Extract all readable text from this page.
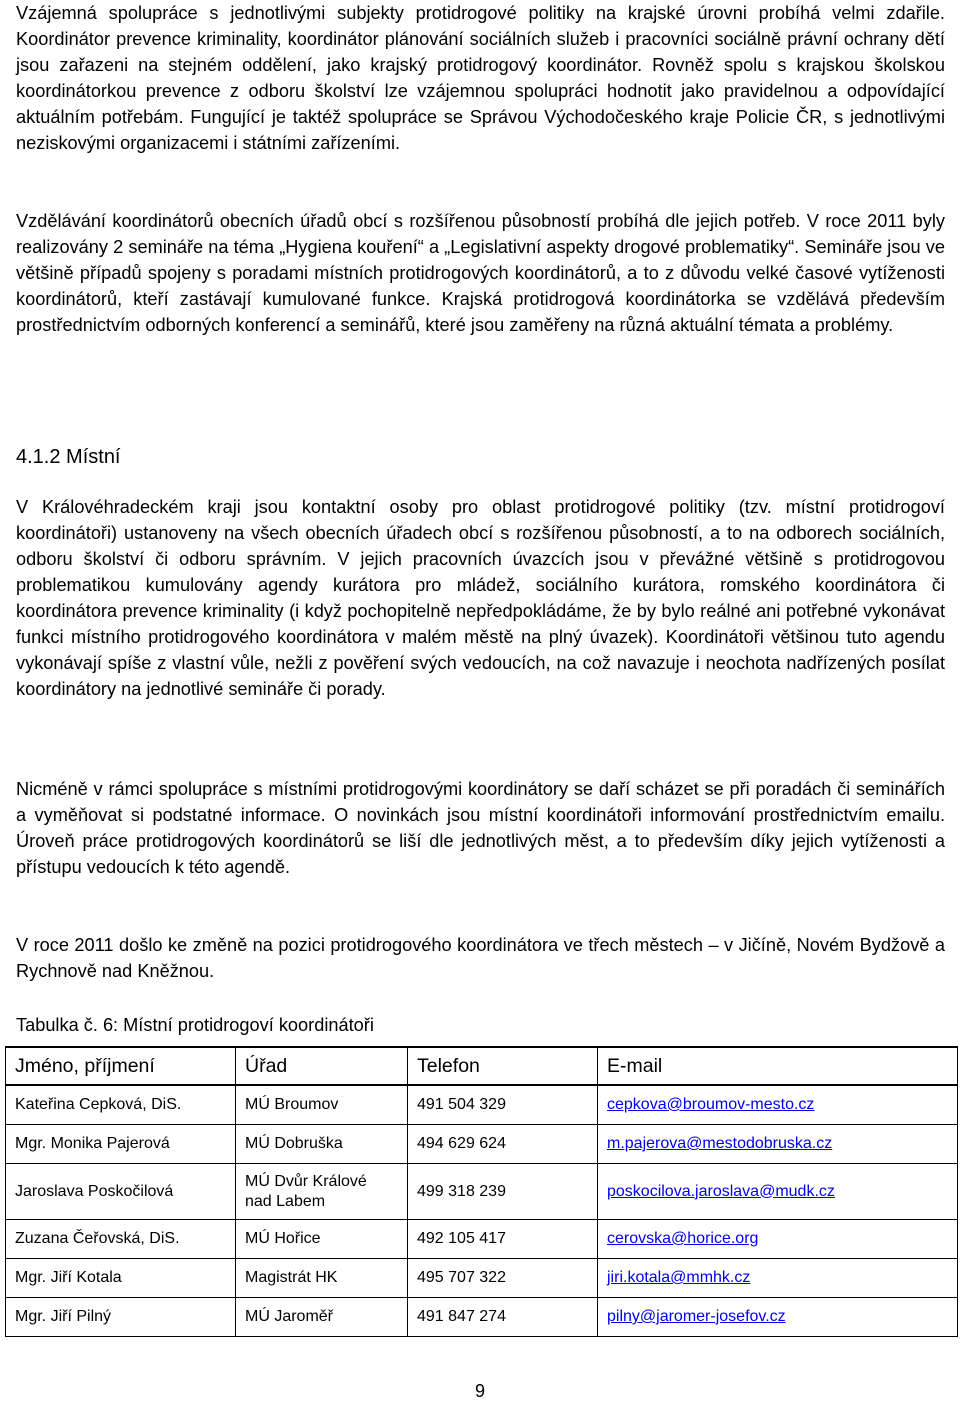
Vzájemná spolupráce s jednotlivými subjekty protidrogové politiky na krajské úrovni probíhá velmi zdařile. Koordinátor prevence kriminality, koordinátor plánování sociálních služeb i pracovníci sociálně právní ochrany dětí jsou zařazeni na stejném oddělení, jako krajský protidrogový koordinátor. Rovněž spolu s krajskou školskou koordinátorkou prevence z odboru školství lze vzájemnou spolupráci hodnotit jako pravidelnou a odpovídající aktuálním potřebám. Fungující je taktéž spolupráce se Správou Východočeského kraje Policie ČR, s jednotlivými neziskovými organizacemi i státními zařízeními.

Vzdělávání koordinátorů obecních úřadů obcí s rozšířenou působností probíhá dle jejich potřeb. V roce 2011 byly realizovány 2 semináře na téma „Hygiena kouření“ a „Legislativní aspekty drogové problematiky“. Semináře jsou ve většině případů spojeny s poradami místních protidrogových koordinátorů, a to z důvodu velké časové vytíženosti koordinátorů, kteří zastávají kumulované funkce. Krajská protidrogová koordinátorka se vzdělává především prostřednictvím odborných konferencí a seminářů, které jsou zaměřeny na různá aktuální témata a problémy.

4.1.2 Místní

V Královéhradeckém kraji jsou kontaktní osoby pro oblast protidrogové politiky (tzv. místní protidrogoví koordinátoři) ustanoveny na všech obecních úřadech obcí s rozšířenou působností, a to na odborech sociálních, odboru školství či odboru správním. V jejich pracovních úvazcích jsou v převážné většině s protidrogovou problematikou kumulovány agendy kurátora pro mládež, sociálního kurátora, romského koordinátora či koordinátora prevence kriminality (i když pochopitelně nepředpokládáme, že by bylo reálné ani potřebné vykonávat funkci místního protidrogového koordinátora v malém městě na plný úvazek). Koordinátoři většinou tuto agendu vykonávají spíše z vlastní vůle, nežli z pověření svých vedoucích, na což navazuje i neochota nadřízených posílat koordinátory na jednotlivé semináře či porady.

Nicméně v rámci spolupráce s místními protidrogovými koordinátory se daří scházet se při poradách či seminářích a vyměňovat si podstatné informace. O novinkách jsou místní koordinátoři informování prostřednictvím emailu. Úroveň práce protidrogových koordinátorů se liší dle jednotlivých měst, a to především díky jejich vytíženosti a přístupu vedoucích k této agendě.

V roce 2011 došlo ke změně na pozici protidrogového koordinátora ve třech městech – v Jičíně, Novém Bydžově a Rychnově nad Kněžnou.

Tabulka č. 6: Místní protidrogoví koordinátoři

Jméno, příjmení	Úřad	Telefon	E-mail
Kateřina Cepková, DiS.	MÚ Broumov	491 504 329	cepkova@broumov-mesto.cz
Mgr. Monika Pajerová	MÚ Dobruška	494 629 624	m.pajerova@mestodobruska.cz
Jaroslava Poskočilová	MÚ Dvůr Králové nad Labem	499 318 239	poskocilova.jaroslava@mudk.cz
Zuzana Čeřovská, DiS.	MÚ Hořice	492 105 417	cerovska@horice.org
Mgr. Jiří Kotala	Magistrát HK	495 707 322	jiri.kotala@mmhk.cz
Mgr. Jiří Pilný	MÚ Jaroměř	491 847 274	pilny@jaromer-josefov.cz
9
